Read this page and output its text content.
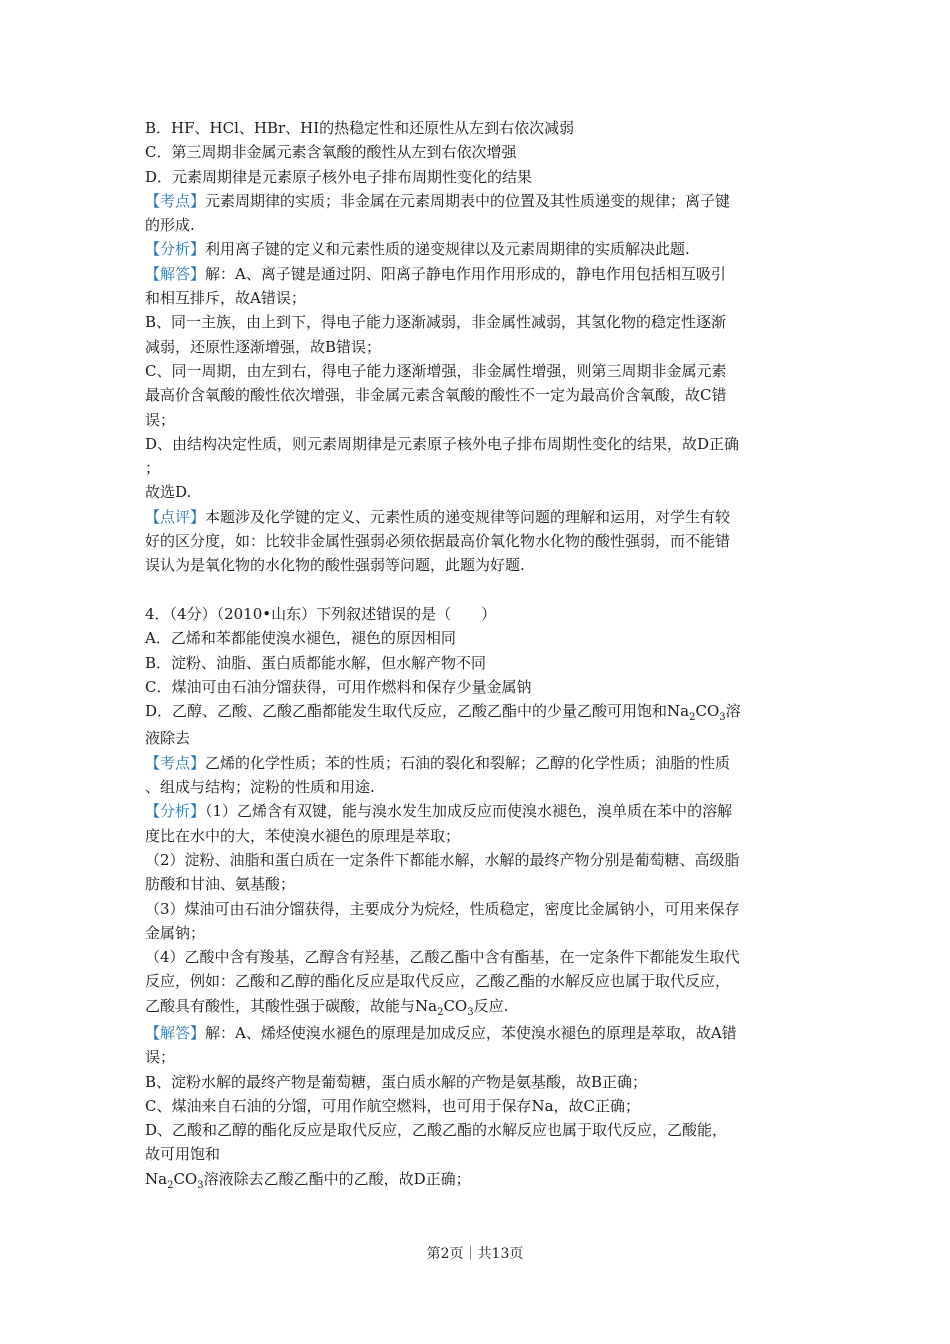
B．HF、HCl、HBr、HI的热稳定性和还原性从左到右依次减弱
C．第三周期非金属元素含氧酸的酸性从左到右依次增强
D．元素周期律是元素原子核外电子排布周期性变化的结果
【考点】元素周期律的实质；非金属在元素周期表中的位置及其性质递变的规律；离子键
的形成.
【分析】利用离子键的定义和元素性质的递变规律以及元素周期律的实质解决此题.
【解答】解：A、离子键是通过阴、阳离子静电作用作用形成的，静电作用包括相互吸引
和相互排斥，故A错误；
B、同一主族，由上到下，得电子能力逐渐减弱，非金属性减弱，其氢化物的稳定性逐渐
减弱，还原性逐渐增强，故B错误；
C、同一周期，由左到右，得电子能力逐渐增强，非金属性增强，则第三周期非金属元素
最高价含氧酸的酸性依次增强，非金属元素含氧酸的酸性不一定为最高价含氧酸，故C错
误；
D、由结构决定性质，则元素周期律是元素原子核外电子排布周期性变化的结果，故D正确
；
故选D.
【点评】本题涉及化学键的定义、元素性质的递变规律等问题的理解和运用，对学生有较
好的区分度，如：比较非金属性强弱必须依据最高价氧化物水化物的酸性强弱，而不能错
误认为是氧化物的水化物的酸性强弱等问题，此题为好题.
4．（4分）（2010•山东）下列叙述错误的是（　　）
A．乙烯和苯都能使溴水褪色，褪色的原因相同
B．淀粉、油脂、蛋白质都能水解，但水解产物不同
C．煤油可由石油分馏获得，可用作燃料和保存少量金属钠
D．乙醇、乙酸、乙酸乙酯都能发生取代反应，乙酸乙酯中的少量乙酸可用饱和$Na_2CO_3$溶
液除去
【考点】乙烯的化学性质；苯的性质；石油的裂化和裂解；乙醇的化学性质；油脂的性质
、组成与结构；淀粉的性质和用途.
【分析】（1）乙烯含有双键，能与溴水发生加成反应而使溴水褪色，溴单质在苯中的溶解
度比在水中的大，苯使溴水褪色的原理是萃取；
（2）淀粉、油脂和蛋白质在一定条件下都能水解，水解的最终产物分别是葡萄糖、高级脂
肪酸和甘油、氨基酸；
（3）煤油可由石油分馏获得，主要成分为烷烃，性质稳定，密度比金属钠小，可用来保存
金属钠；
（4）乙酸中含有羧基，乙醇含有羟基，乙酸乙酯中含有酯基，在一定条件下都能发生取代
反应，例如：乙酸和乙醇的酯化反应是取代反应，乙酸乙酯的水解反应也属于取代反应，
乙酸具有酸性，其酸性强于碳酸，故能与$Na_2CO_3$反应.
【解答】解：A、烯烃使溴水褪色的原理是加成反应，苯使溴水褪色的原理是萃取，故A错
误；
B、淀粉水解的最终产物是葡萄糖，蛋白质水解的产物是氨基酸，故B正确；
C、煤油来自石油的分馏，可用作航空燃料，也可用于保存Na，故C正确；
D、乙酸和乙醇的酯化反应是取代反应，乙酸乙酯的水解反应也属于取代反应，乙酸能，
故可用饱和
$Na_2CO_3$溶液除去乙酸乙酯中的乙酸，故D正确；
第2页｜共13页
